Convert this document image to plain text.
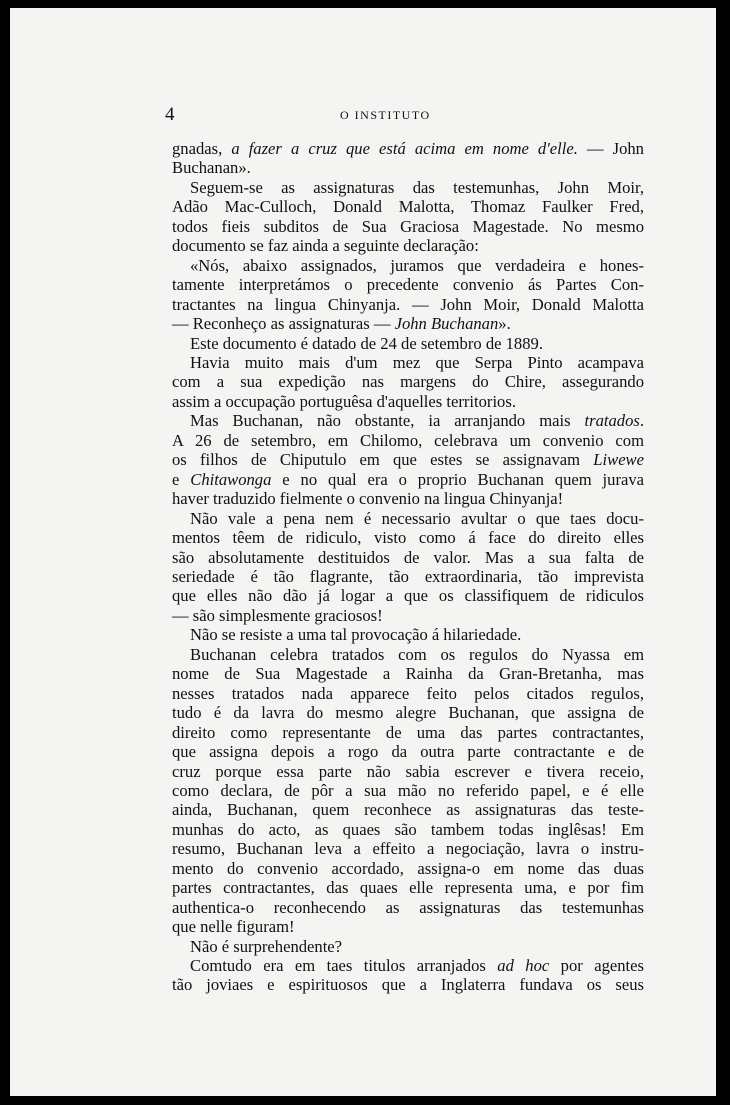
4	O INSTITUTO
gnadas, a fazer a cruz que está acima em nome d'elle. — John
Buchanan».
Seguem-se as assignaturas das testemunhas, John Moir,
Adão Mac-Culloch, Donald Malotta, Thomaz Faulker Fred,
todos fieis subditos de Sua Graciosa Magestade. No mesmo
documento se faz ainda a seguinte declaração:
«Nós, abaixo assignados, juramos que verdadeira e hones-
tamente interpretámos o precedente convenio ás Partes Con-
tractantes na lingua Chinyanja. — John Moir, Donald Malotta
— Reconheço as assignaturas — John Buchanan».
Este documento é datado de 24 de setembro de 1889.
Havia muito mais d'um mez que Serpa Pinto acampava
com a sua expedição nas margens do Chire, assegurando
assim a occupação portuguêsa d'aquelles territorios.
Mas Buchanan, não obstante, ia arranjando mais tratados.
A 26 de setembro, em Chilomo, celebrava um convenio com
os filhos de Chiputulo em que estes se assignavam Liwewe
e Chitawonga e no qual era o proprio Buchanan quem jurava
haver traduzido fielmente o convenio na lingua Chinyanja!
Não vale a pena nem é necessario avultar o que taes docu-
mentos têem de ridiculo, visto como á face do direito elles
são absolutamente destituidos de valor. Mas a sua falta de
seriedade é tão flagrante, tão extraordinaria, tão imprevista
que elles não dão já logar a que os classifiquem de ridiculos
— são simplesmente graciosos!
Não se resiste a uma tal provocação á hilariedade.
Buchanan celebra tratados com os regulos do Nyassa em
nome de Sua Magestade a Rainha da Gran-Bretanha, mas
nesses tratados nada apparece feito pelos citados regulos,
tudo é da lavra do mesmo alegre Buchanan, que assigna de
direito como representante de uma das partes contractantes,
que assigna depois a rogo da outra parte contractante e de
cruz porque essa parte não sabia escrever e tivera receio,
como declara, de pôr a sua mão no referido papel, e é elle
ainda, Buchanan, quem reconhece as assignaturas das teste-
munhas do acto, as quaes são tambem todas inglêsas! Em
resumo, Buchanan leva a effeito a negociação, lavra o instru-
mento do convenio accordado, assigna-o em nome das duas
partes contractantes, das quaes elle representa uma, e por fim
authentica-o reconhecendo as assignaturas das testemunhas
que nelle figuram!
Não é surprehendente?
Comtudo era em taes titulos arranjados ad hoc por agentes
tão joviaes e espirituosos que a Inglaterra fundava os seus
